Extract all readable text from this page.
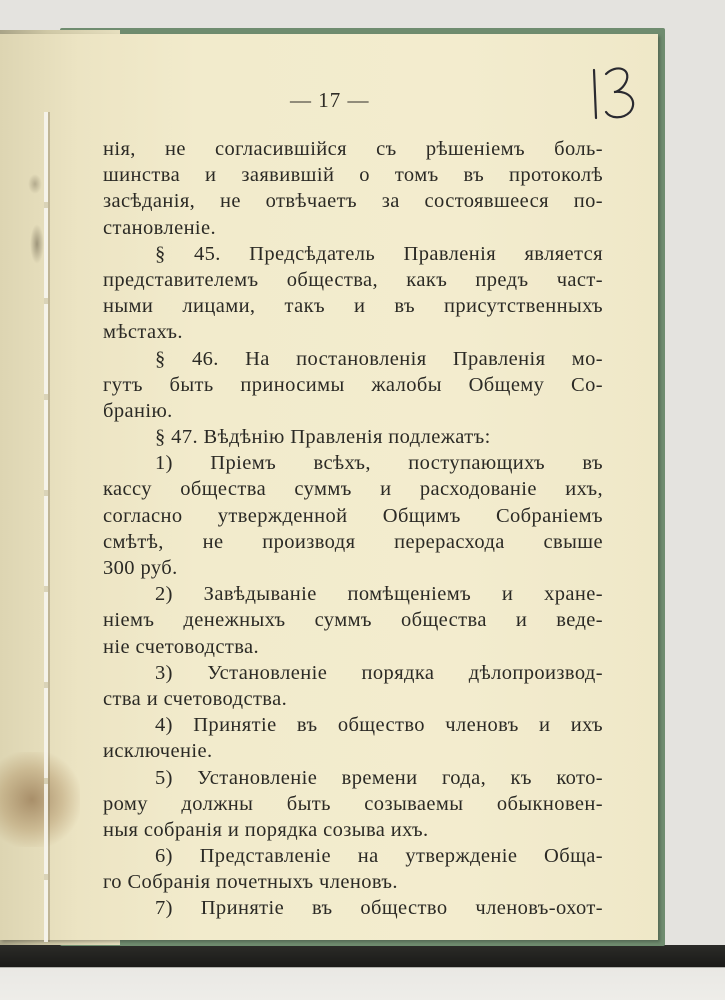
— 17 —
нія, не согласившійся съ рѣшеніемъ боль-
шинства и заявившій о томъ въ протоколѣ
засѣданія, не отвѣчаетъ за состоявшееся по-
становленіе.
§ 45. Предсѣдатель Правленія является
представителемъ общества, какъ предъ част-
ными лицами, такъ и въ присутственныхъ
мѣстахъ.
§ 46. На постановленія Правленія мо-
гутъ быть приносимы жалобы Общему Со-
бранію.
§ 47. Вѣдѣнію Правленія подлежатъ:
1) Пріемъ всѣхъ, поступающихъ въ
кассу общества суммъ и расходованіе ихъ,
согласно утвержденной Общимъ Собраніемъ
смѣтѣ, не производя перерасхода свыше
300 руб.
2) Завѣдываніе помѣщеніемъ и хране-
ніемъ денежныхъ суммъ общества и веде-
ніе счетоводства.
3) Установленіе порядка дѣлопроизвод-
ства и счетоводства.
4) Принятіе въ общество членовъ и ихъ
исключеніе.
5) Установленіе времени года, къ кото-
рому должны быть созываемы обыкновен-
ныя собранія и порядка созыва ихъ.
6) Представленіе на утвержденіе Обща-
го Собранія почетныхъ членовъ.
7) Принятіе въ общество членовъ-охот-
